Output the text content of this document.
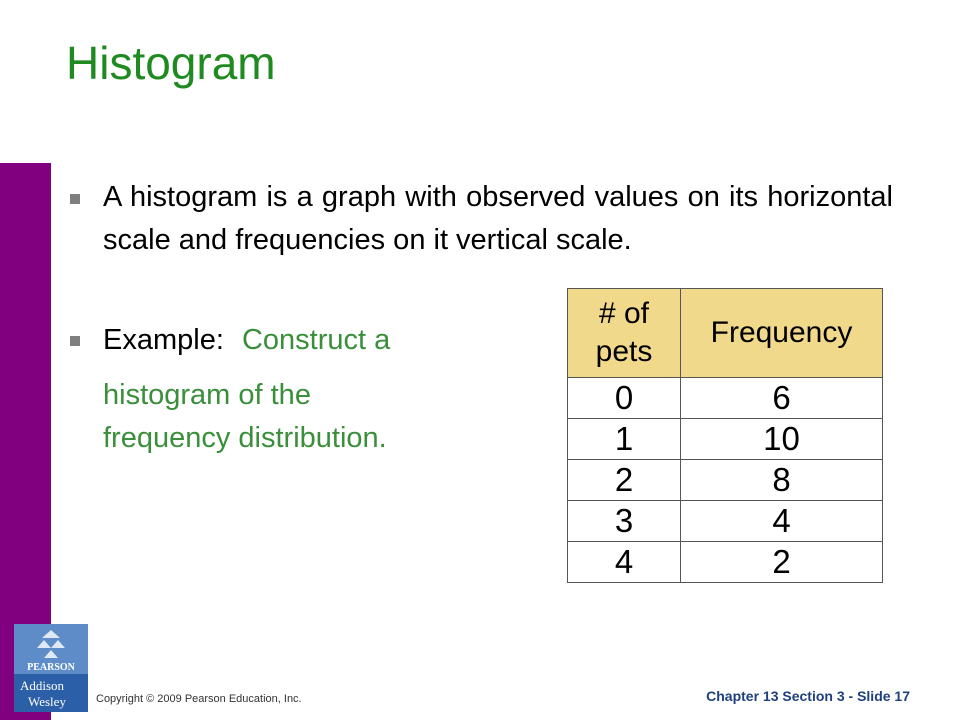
Histogram
A histogram is a graph with observed values on its horizontal scale and frequencies on it vertical scale.
Example: Construct a
histogram of the
frequency distribution.
# of pets	Frequency
0	6
1	10
2	8
3	4
4	2
PEARSON
Addison
Wesley	Copyright © 2009 Pearson Education, Inc.	Chapter 13 Section 3 - Slide 17
